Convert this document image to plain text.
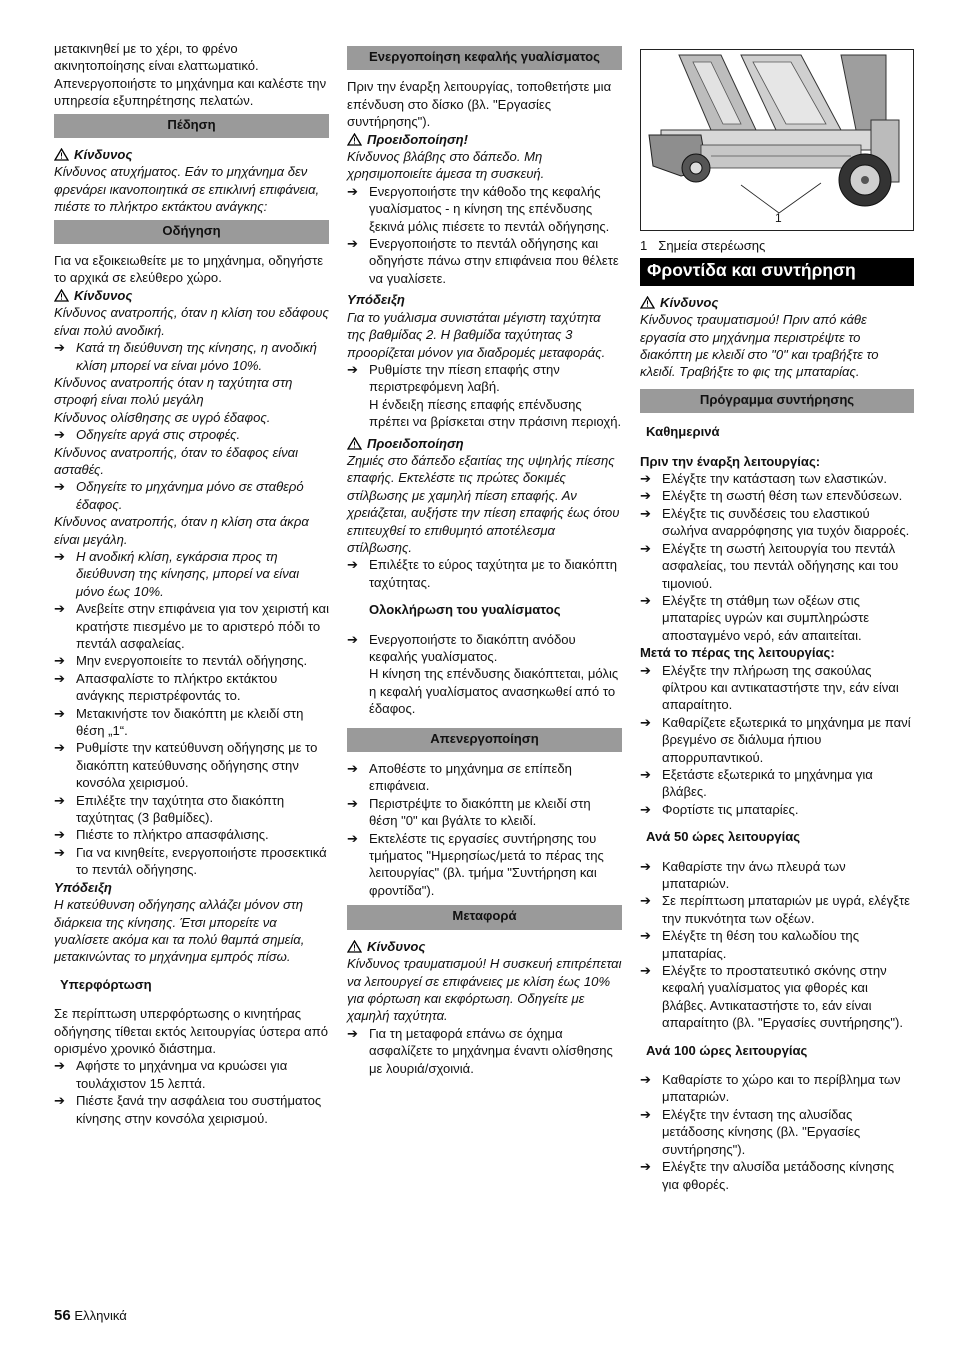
μετακινηθεί με το χέρι, το φρένο ακινητοποίησης είναι ελαττωματικό. Απενεργοποιήστε το μηχάνημα και καλέστε την υπηρεσία εξυπηρέτησης πελατών.

Πέδηση
Κίνδυνος

Κίνδυνος ατυχήματος. Εάν το μηχάνημα δεν φρενάρει ικανοποιητικά σε επικλινή επιφάνεια, πιέστε το πλήκτρο εκτάκτου ανάγκης:

Οδήγηση

Για να εξοικειωθείτε με το μηχάνημα, οδηγήστε το αρχικά σε ελεύθερο χώρο.

Κίνδυνος

Κίνδυνος ανατροπής, όταν η κλίση του εδάφους είναι πολύ ανοδική.

➔ Κατά τη διεύθυνση της κίνησης, η ανοδική κλίση μπορεί να είναι μόνο 10%.

Κίνδυνος ανατροπής όταν η ταχύτητα στη στροφή είναι πολύ μεγάλη

Κίνδυνος ολίσθησης σε υγρό έδαφος.

➔ Οδηγείτε αργά στις στροφές.

Κίνδυνος ανατροπής, όταν το έδαφος είναι ασταθές.

➔ Οδηγείτε το μηχάνημα μόνο σε σταθερό έδαφος.

Κίνδυνος ανατροπής, όταν η κλίση στα άκρα είναι μεγάλη.

➔ Η ανοδική κλίση, εγκάρσια προς τη διεύθυνση της κίνησης, μπορεί να είναι μόνο έως 10%.
➔ Ανεβείτε στην επιφάνεια για τον χειριστή και κρατήστε πιεσμένο με το αριστερό πόδι το πεντάλ ασφαλείας.
➔ Μην ενεργοποιείτε το πεντάλ οδήγησης.
➔ Απασφαλίστε το πλήκτρο εκτάκτου ανάγκης περιστρέφοντάς το.
➔ Μετακινήστε τον διακόπτη με κλειδί στη θέση „1“.
➔ Ρυθμίστε την κατεύθυνση οδήγησης με το διακόπτη κατεύθυνσης οδήγησης στην κονσόλα χειρισμού.
➔ Επιλέξτε την ταχύτητα στο διακόπτη ταχύτητας (3 βαθμίδες).
➔ Πιέστε το πλήκτρο απασφάλισης.
➔ Για να κινηθείτε, ενεργοποιήστε προσεκτικά το πεντάλ οδήγησης.
Υπόδειξη

Η κατεύθυνση οδήγησης αλλάζει μόνον στη διάρκεια της κίνησης. Έτσι μπορείτε να γυαλίσετε ακόμα και τα πολύ θαμπά σημεία, μετακινώντας το μηχάνημα εμπρός πίσω.

Υπερφόρτωση

Σε περίπτωση υπερφόρτωσης ο κινητήρας οδήγησης τίθεται εκτός λειτουργίας ύστερα από ορισμένο χρονικό διάστημα.

➔ Αφήστε το μηχάνημα να κρυώσει για τουλάχιστον 15 λεπτά.
➔ Πιέστε ξανά την ασφάλεια του συστήματος κίνησης στην κονσόλα χειρισμού.
Ενεργοποίηση κεφαλής γυαλίσματος

Πριν την έναρξη λειτουργίας, τοποθετήστε μια επένδυση στο δίσκο (βλ. "Εργασίες συντήρησης").

Προειδοποίηση!

Κίνδυνος βλάβης στο δάπεδο. Μη χρησιμοποιείτε άμεσα τη συσκευή.

➔ Ενεργοποιήστε την κάθοδο της κεφαλής γυαλίσματος - η κίνηση της επένδυσης ξεκινά μόλις πιέσετε το πεντάλ οδήγησης.
➔ Ενεργοποιήστε το πεντάλ οδήγησης και οδηγήστε πάνω στην επιφάνεια που θέλετε να γυαλίσετε.
Υπόδειξη

Για το γυάλισμα συνιστάται μέγιστη ταχύτητα της βαθμίδας 2. Η βαθμίδα ταχύτητας 3 προορίζεται μόνον για διαδρομές μεταφοράς.

➔ Ρυθμίστε την πίεση επαφής στην περιστρεφόμενη λαβή.

Η ένδειξη πίεσης επαφής επένδυσης πρέπει να βρίσκεται στην πράσινη περιοχή.

Προειδοποίηση

Ζημιές στο δάπεδο εξαιτίας της υψηλής πίεσης επαφής. Εκτελέστε τις πρώτες δοκιμές στίλβωσης με χαμηλή πίεση επαφής. Αν χρειάζεται, αυξήστε την πίεση επαφής έως ότου επιτευχθεί το επιθυμητό αποτέλεσμα στίλβωσης.

➔ Επιλέξτε το εύρος ταχύτητα με το διακόπτη ταχύτητας.
Ολοκλήρωση του γυαλίσματος
➔ Ενεργοποιήστε το διακόπτη ανόδου κεφαλής γυαλίσματος.

Η κίνηση της επένδυσης διακόπτεται, μόλις η κεφαλή γυαλίσματος ανασηκωθεί από το έδαφος.

Απενεργοποίηση
➔ Αποθέστε το μηχάνημα σε επίπεδη επιφάνεια.
➔ Περιστρέψτε το διακόπτη με κλειδί στη θέση "0" και βγάλτε το κλειδί.
➔ Εκτελέστε τις εργασίες συντήρησης του τμήματος "Ημερησίως/μετά το πέρας της λειτουργίας" (βλ. τμήμα "Συντήρηση και φροντίδα").
Μεταφορά
Κίνδυνος

Κίνδυνος τραυματισμού! Η συσκευή επιτρέπεται να λειτουργεί σε επιφάνειες με κλίση έως 10% για φόρτωση και εκφόρτωση. Οδηγείτε με χαμηλή ταχύτητα.

➔ Για τη μεταφορά επάνω σε όχημα ασφαλίζετε το μηχάνημα έναντι ολίσθησης με λουριά/σχοινιά.
1

1 Σημεία στερέωσης

Φροντίδα και συντήρηση
Κίνδυνος

Κίνδυνος τραυματισμού! Πριν από κάθε εργασία στο μηχάνημα περιστρέψτε το διακόπτη με κλειδί στο "0" και τραβήξτε το κλειδί. Τραβήξτε το φις της μπαταρίας.

Πρόγραμμα συντήρησης
Καθημερινά
Πριν την έναρξη λειτουργίας:
➔ Ελέγξτε την κατάσταση των ελαστικών.
➔ Ελέγξτε τη σωστή θέση των επενδύσεων.
➔ Ελέγξτε τις συνδέσεις του ελαστικού σωλήνα αναρρόφησης για τυχόν διαρροές.
➔ Ελέγξτε τη σωστή λειτουργία του πεντάλ ασφαλείας, του πεντάλ οδήγησης και του τιμονιού.
➔ Ελέγξτε τη στάθμη των οξέων στις μπαταρίες υγρών και συμπληρώστε αποσταγμένο νερό, εάν απαιτείται.
Μετά το πέρας της λειτουργίας:
➔ Ελέγξτε την πλήρωση της σακούλας φίλτρου και αντικαταστήστε την, εάν είναι απαραίτητο.
➔ Καθαρίζετε εξωτερικά το μηχάνημα με πανί βρεγμένο σε διάλυμα ήπιου απορρυπαντικού.
➔ Εξετάστε εξωτερικά το μηχάνημα για βλάβες.
➔ Φορτίστε τις μπαταρίες.
Ανά 50 ώρες λειτουργίας
➔ Καθαρίστε την άνω πλευρά των μπαταριών.
➔ Σε περίπτωση μπαταριών με υγρά, ελέγξτε την πυκνότητα των οξέων.
➔ Ελέγξτε τη θέση του καλωδίου της μπαταρίας.
➔ Ελέγξτε το προστατευτικό σκόνης στην κεφαλή γυαλίσματος για φθορές και βλάβες. Αντικαταστήστε το, εάν είναι απαραίτητο (βλ. "Εργασίες συντήρησης").
Ανά 100 ώρες λειτουργίας
➔ Καθαρίστε το χώρο και το περίβλημα των μπαταριών.
➔ Ελέγξτε την ένταση της αλυσίδας μετάδοσης κίνησης (βλ. "Εργασίες συντήρησης").
➔ Ελέγξτε την αλυσίδα μετάδοσης κίνησης για φθορές.
56 Ελληνικά
